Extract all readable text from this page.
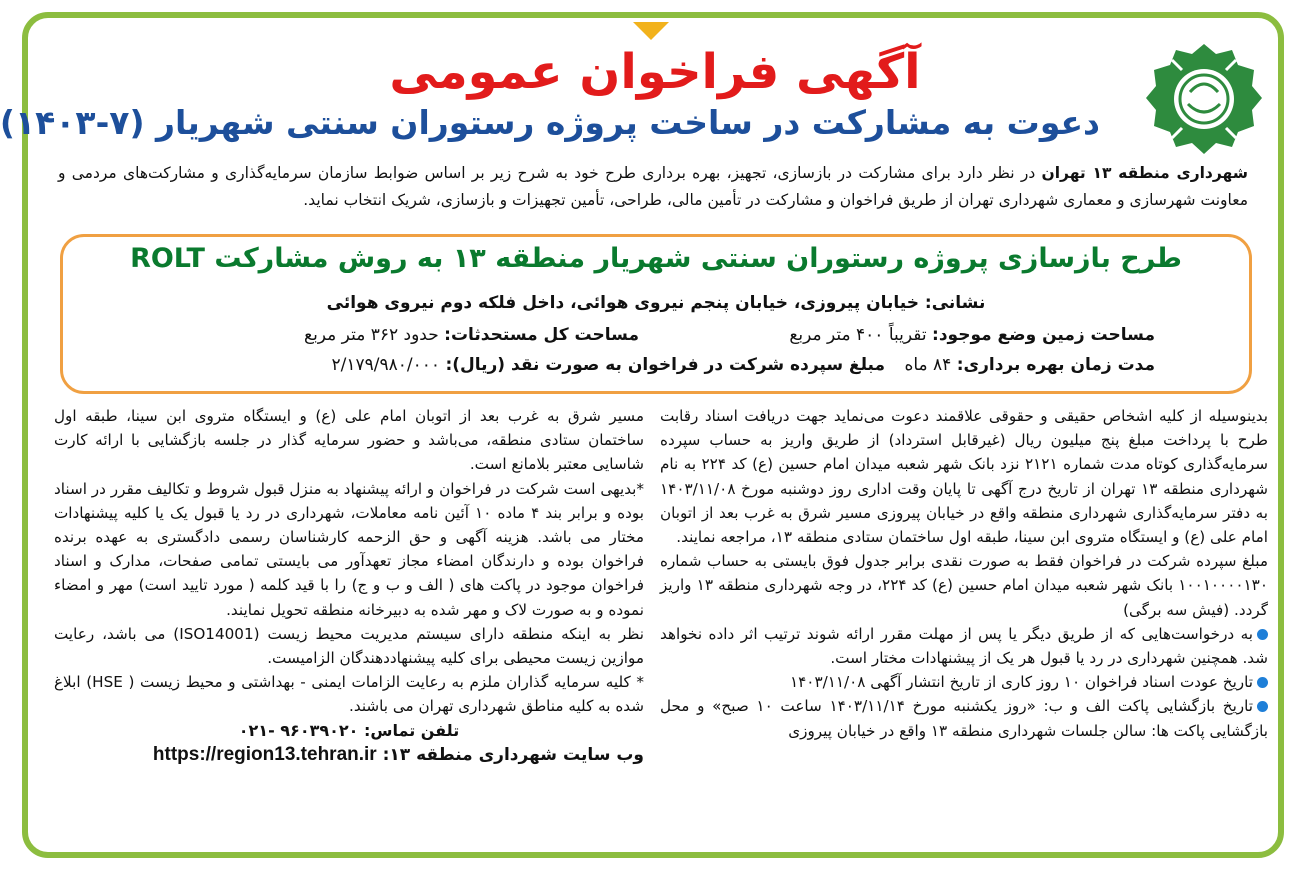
آگهی فراخوان عمومی
دعوت به مشارکت در ساخت پروژه رستوران سنتی شهریار (۷-۱۴۰۳)
شهرداری منطقه ۱۳ تهران در نظر دارد برای مشارکت در بازسازی، تجهیز، بهره برداری طرح خود به شرح زیر بر اساس ضوابط سازمان سرمایه‌گذاری و مشارکت‌های مردمی و معاونت شهرسازی و معماری شهرداری تهران از طریق فراخوان و مشارکت در تأمین مالی، طراحی، تأمین تجهیزات و بازسازی، شریک انتخاب نماید.
طرح بازسازی پروژه رستوران سنتی شهریار منطقه ۱۳ به روش مشارکت ROLT
نشانی: خیابان پیروزی، خیابان پنجم نیروی هوائی، داخل فلکه دوم نیروی هوائی
مساحت زمین وضع موجود: تقریباً ۴۰۰ متر مربع
مساحت کل مستحدثات: حدود ۳۶۲ متر مربع
مدت زمان بهره برداری: ۸۴ ماه
مبلغ سپرده شرکت در فراخوان به صورت نقد (ریال): ۲/۱۷۹/۹۸۰/۰۰۰

بدینوسیله از کلیه اشخاص حقیقی و حقوقی علاقمند دعوت می‌نماید جهت دریافت اسناد رقابت طرح با پرداخت مبلغ پنج میلیون ریال (غیرقابل استرداد) از طریق واریز به حساب سپرده سرمایه‌گذاری کوتاه مدت شماره ۲۱۲۱ نزد بانک شهر شعبه میدان امام حسین (ع) کد ۲۲۴ به نام شهرداری منطقه ۱۳ تهران از تاریخ درج آگهی تا پایان وقت اداری روز دوشنبه مورخ ۱۴۰۳/۱۱/۰۸ به دفتر سرمایه‌گذاری شهرداری منطقه واقع در خیابان پیروزی مسیر شرق به غرب بعد از اتوبان امام علی (ع) و ایستگاه متروی ابن سینا، طبقه اول ساختمان ستادی منطقه ۱۳، مراجعه نمایند.

مبلغ سپرده شرکت در فراخوان فقط به صورت نقدی برابر جدول فوق بایستی به حساب شماره ۱۰۰۱۰۰۰۰۱۳۰ بانک شهر شعبه میدان امام حسین (ع) کد ۲۲۴، در وجه شهرداری منطقه ۱۳ واریز گردد. (فیش سه برگی)

به درخواست‌هایی که از طریق دیگر یا پس از مهلت مقرر ارائه شوند ترتیب اثر داده نخواهد شد. همچنین شهرداری در رد یا قبول هر یک از پیشنهادات مختار است.

تاریخ عودت اسناد فراخوان ۱۰ روز کاری از تاریخ انتشار آگهی ۱۴۰۳/۱۱/۰۸

تاریخ بازگشایی پاکت الف و ب: «روز یکشنبه مورخ ۱۴۰۳/۱۱/۱۴ ساعت ۱۰ صبح» و محل بازگشایی پاکت ها: سالن جلسات شهرداری منطقه ۱۳ واقع در خیابان پیروزی

مسیر شرق به غرب بعد از اتوبان امام علی (ع) و ایستگاه متروی ابن سینا، طبقه اول ساختمان ستادی منطقه، می‌باشد و حضور سرمایه گذار در جلسه بازگشایی با ارائه کارت شاسایی معتبر بلامانع است.

*بدیهی است شرکت در فراخوان و ارائه پیشنهاد به منزل قبول شروط و تکالیف مقرر در اسناد بوده و برابر بند ۴ ماده ۱۰ آئین نامه معاملات، شهرداری در رد یا قبول یک یا کلیه پیشنهادات مختار می باشد. هزینه آگهی و حق الزحمه کارشناسان رسمی دادگستری به عهده برنده فراخوان بوده و دارندگان امضاء مجاز تعهدآور می بایستی تمامی صفحات، مدارک و اسناد فراخوان موجود در پاکت های ( الف و ب و ج) را با قید کلمه ( مورد تایید است) مهر و امضاء نموده و به صورت لاک و مهر شده به دبیرخانه منطقه تحویل نمایند.

نظر به اینکه منطقه دارای سیستم مدیریت محیط زیست (ISO14001) می باشد، رعایت موازین زیست محیطی برای کلیه پیشنهاددهندگان الزامیست.

* کلیه سرمایه گذاران ملزم به رعایت الزامات ایمنی - بهداشتی و محیط زیست ( HSE) ابلاغ شده به کلیه مناطق شهرداری تهران می باشند.

تلفن تماس: ۹۶۰۳۹۰۲۰ -۰۲۱

وب سایت شهرداری منطقه ۱۳: https://region13.tehran.ir
